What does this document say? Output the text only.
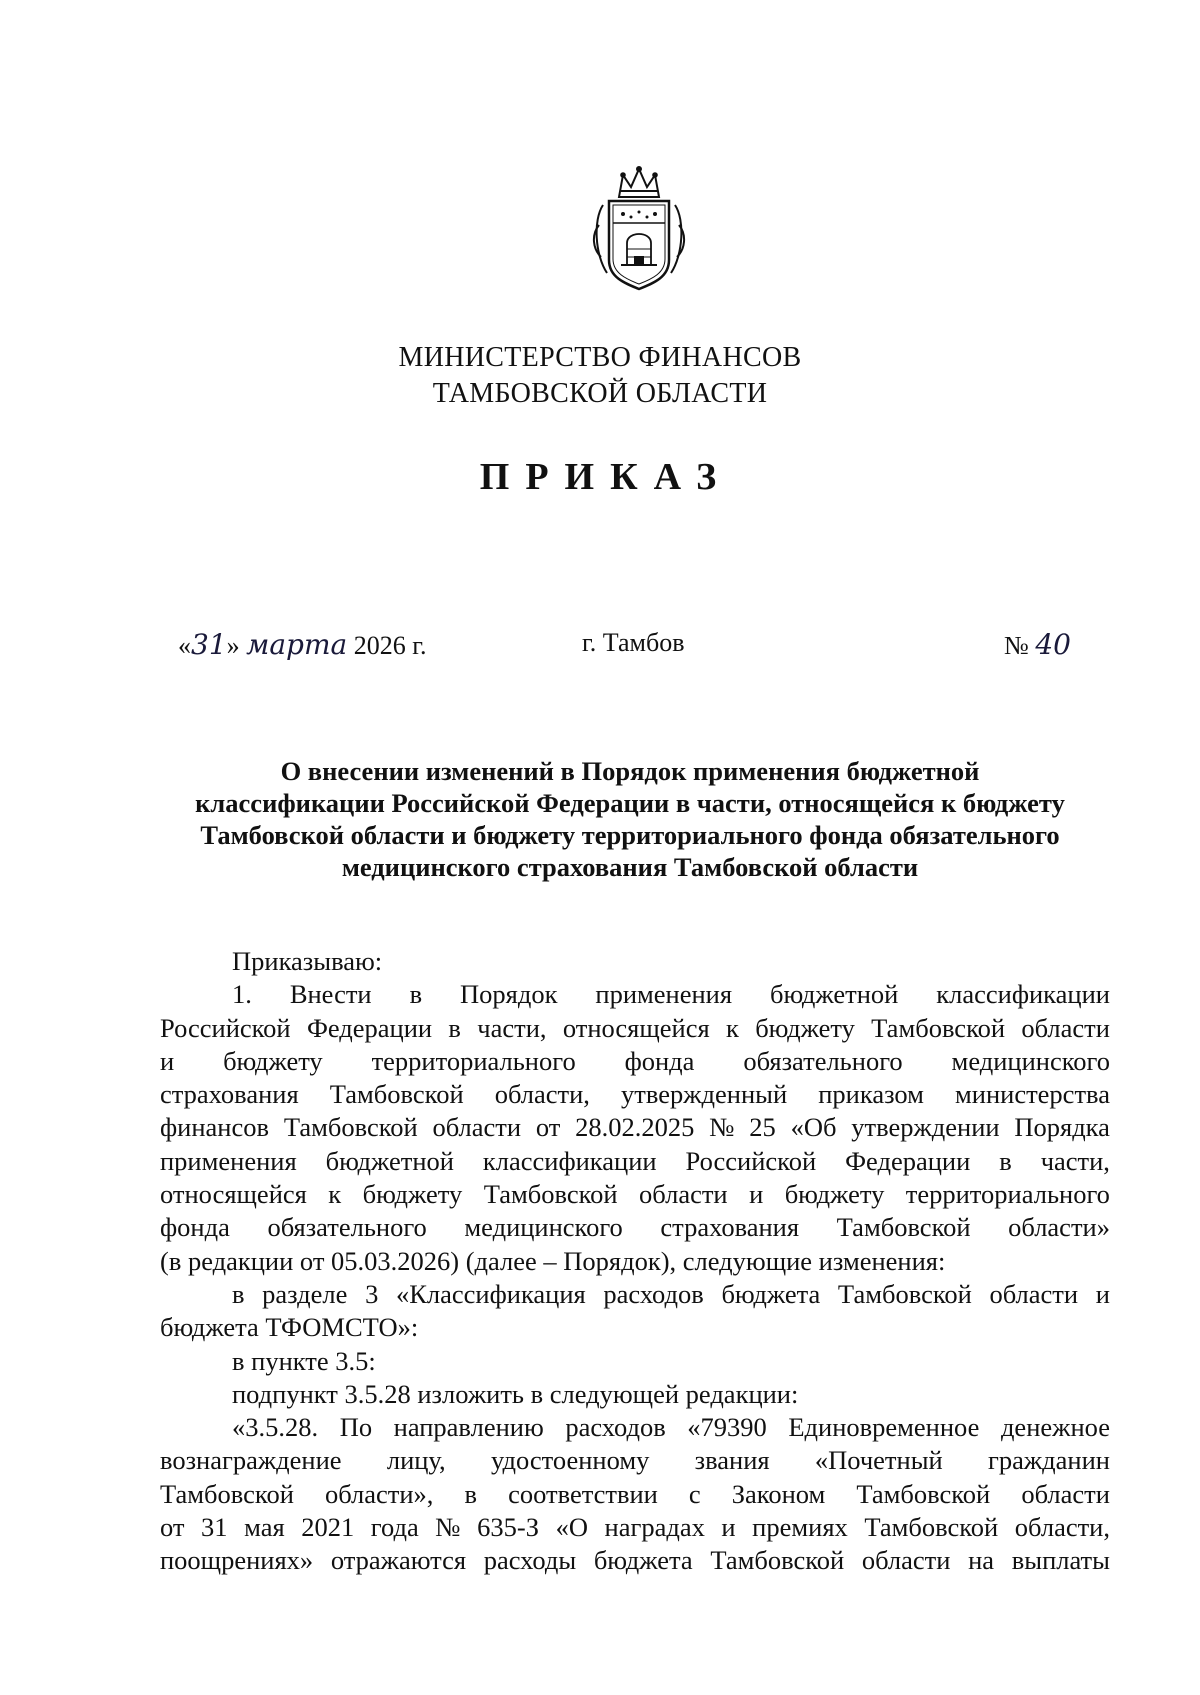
МИНИСТЕРСТВО ФИНАНСОВ
ТАМБОВСКОЙ ОБЛАСТИ
ПРИКАЗ
«31» марта 2026 г.	г. Тамбов	№ 40
О внесении изменений в Порядок применения бюджетной
классификации Российской Федерации в части, относящейся к бюджету
Тамбовской области и бюджету территориального фонда обязательного
медицинского страхования Тамбовской области
Приказываю:
1. Внести в Порядок применения бюджетной классификации
Российской Федерации в части, относящейся к бюджету Тамбовской области
и бюджету территориального фонда обязательного медицинского
страхования Тамбовской области, утвержденный приказом министерства
финансов Тамбовской области от 28.02.2025 № 25 «Об утверждении Порядка
применения бюджетной классификации Российской Федерации в части,
относящейся к бюджету Тамбовской области и бюджету территориального
фонда обязательного медицинского страхования Тамбовской области»
(в редакции от 05.03.2026) (далее – Порядок), следующие изменения:
в разделе 3 «Классификация расходов бюджета Тамбовской области и
бюджета ТФОМСТО»:
в пункте 3.5:
подпункт 3.5.28 изложить в следующей редакции:
«3.5.28. По направлению расходов «79390 Единовременное денежное
вознаграждение лицу, удостоенному звания «Почетный гражданин
Тамбовской области», в соответствии с Законом Тамбовской области
от 31 мая 2021 года № 635-З «О наградах и премиях Тамбовской области,
поощрениях» отражаются расходы бюджета Тамбовской области на выплаты
